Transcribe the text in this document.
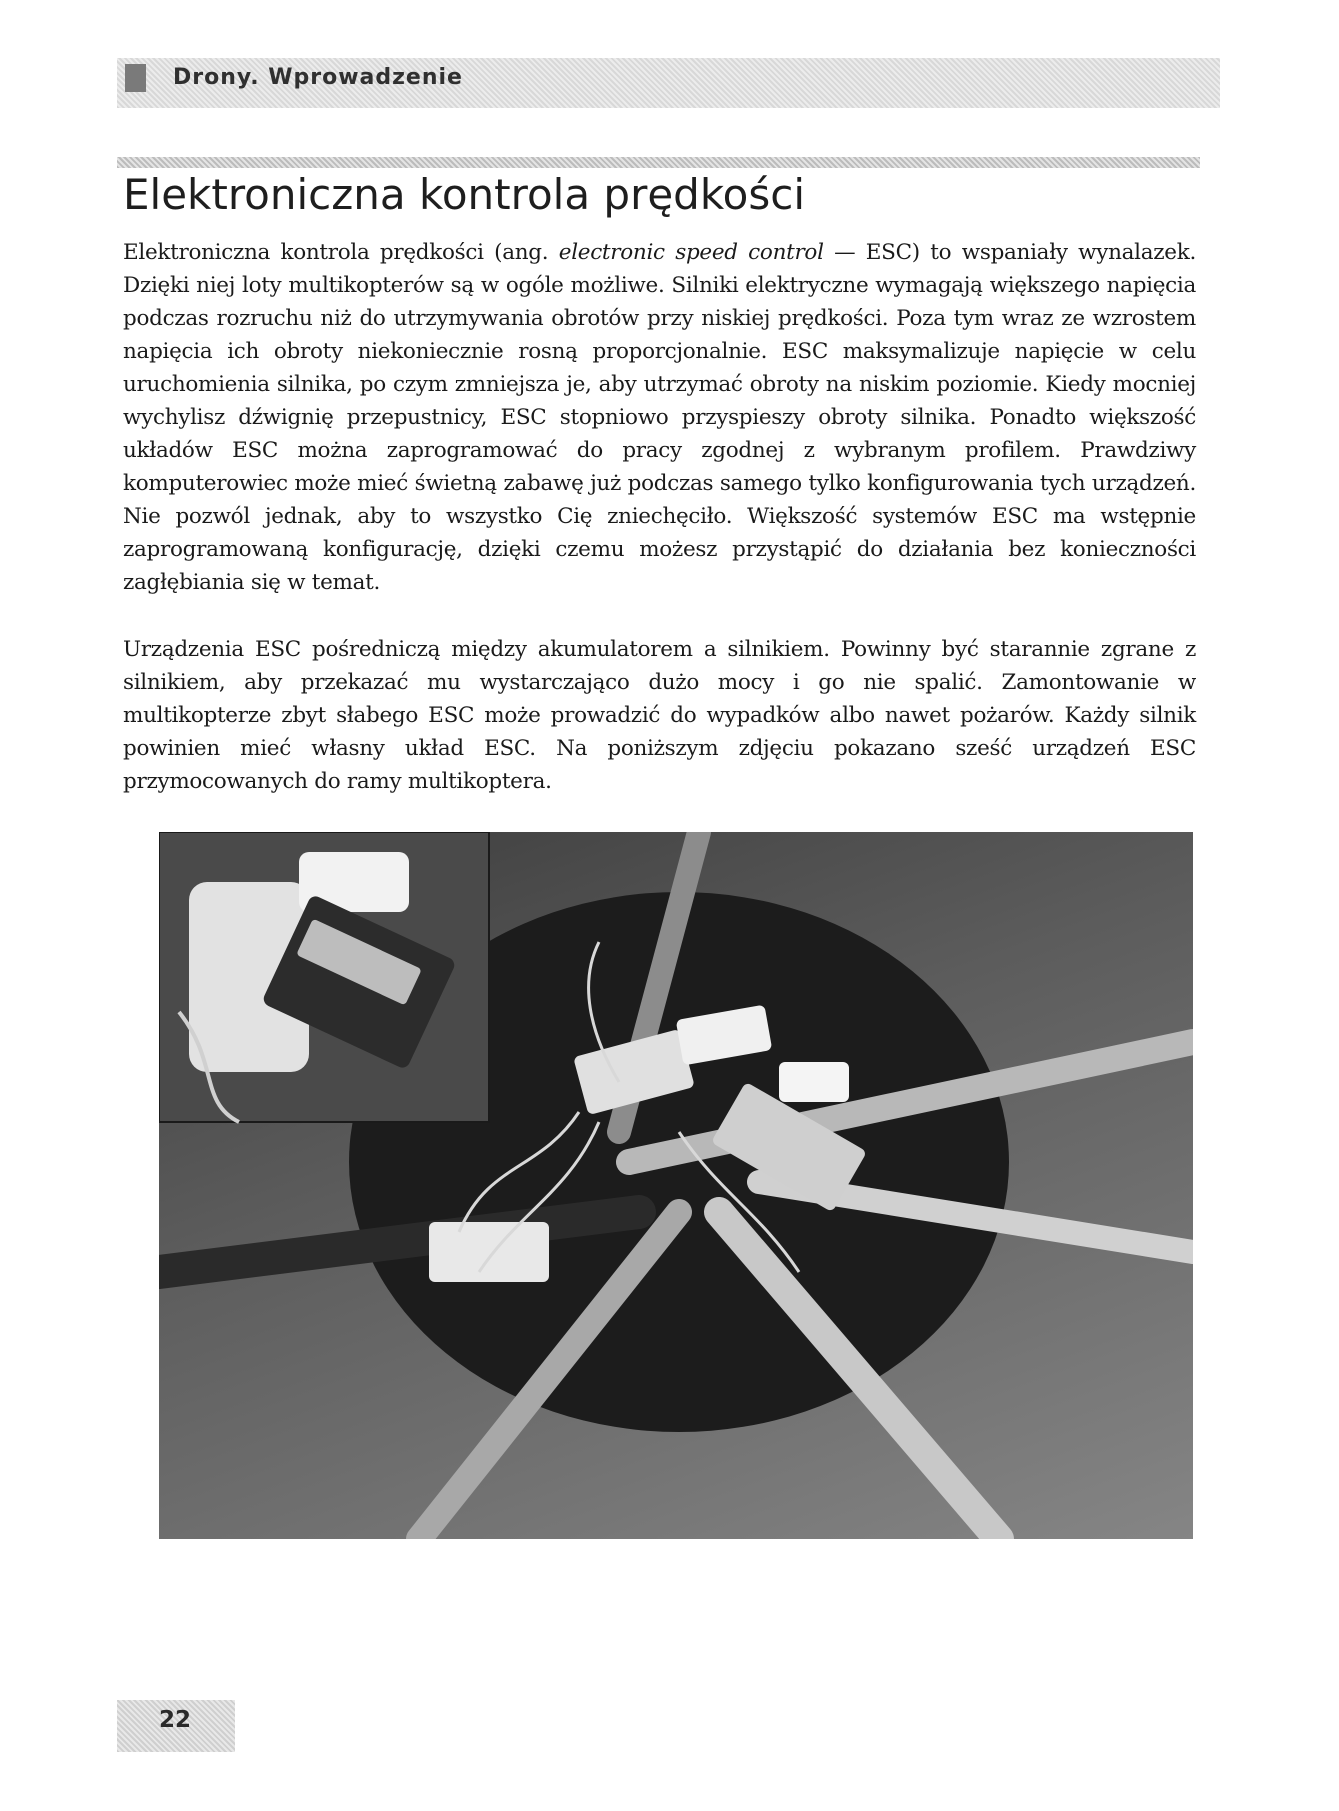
Drony. Wprowadzenie
Elektroniczna kontrola prędkości

Elektroniczna kontrola prędkości (ang. electronic speed control — ESC) to wspaniały wynalazek. Dzięki niej loty multikopterów są w ogóle możliwe. Silniki elektryczne wymagają większego napięcia podczas rozruchu niż do utrzymywania obrotów przy niskiej prędkości. Poza tym wraz ze wzrostem napięcia ich obroty niekoniecznie rosną proporcjonalnie. ESC maksymalizuje napięcie w celu uruchomienia silnika, po czym zmniejsza je, aby utrzymać obroty na niskim poziomie. Kiedy mocniej wychylisz dźwignię przepustnicy, ESC stopniowo przyspieszy obroty silnika. Ponadto większość układów ESC można zaprogramować do pracy zgodnej z wybranym profilem. Prawdziwy komputerowiec może mieć świetną zabawę już podczas samego tylko konfigurowania tych urządzeń. Nie pozwól jednak, aby to wszystko Cię zniechęciło. Większość systemów ESC ma wstępnie zaprogramowaną konfigurację, dzięki czemu możesz przystąpić do działania bez konieczności zagłębiania się w temat.

Urządzenia ESC pośredniczą między akumulatorem a silnikiem. Powinny być starannie zgrane z silnikiem, aby przekazać mu wystarczająco dużo mocy i go nie spalić. Zamontowanie w multikopterze zbyt słabego ESC może prowadzić do wypadków albo nawet pożarów. Każdy silnik powinien mieć własny układ ESC. Na poniższym zdjęciu pokazano sześć urządzeń ESC przymocowanych do ramy multikoptera.

22
